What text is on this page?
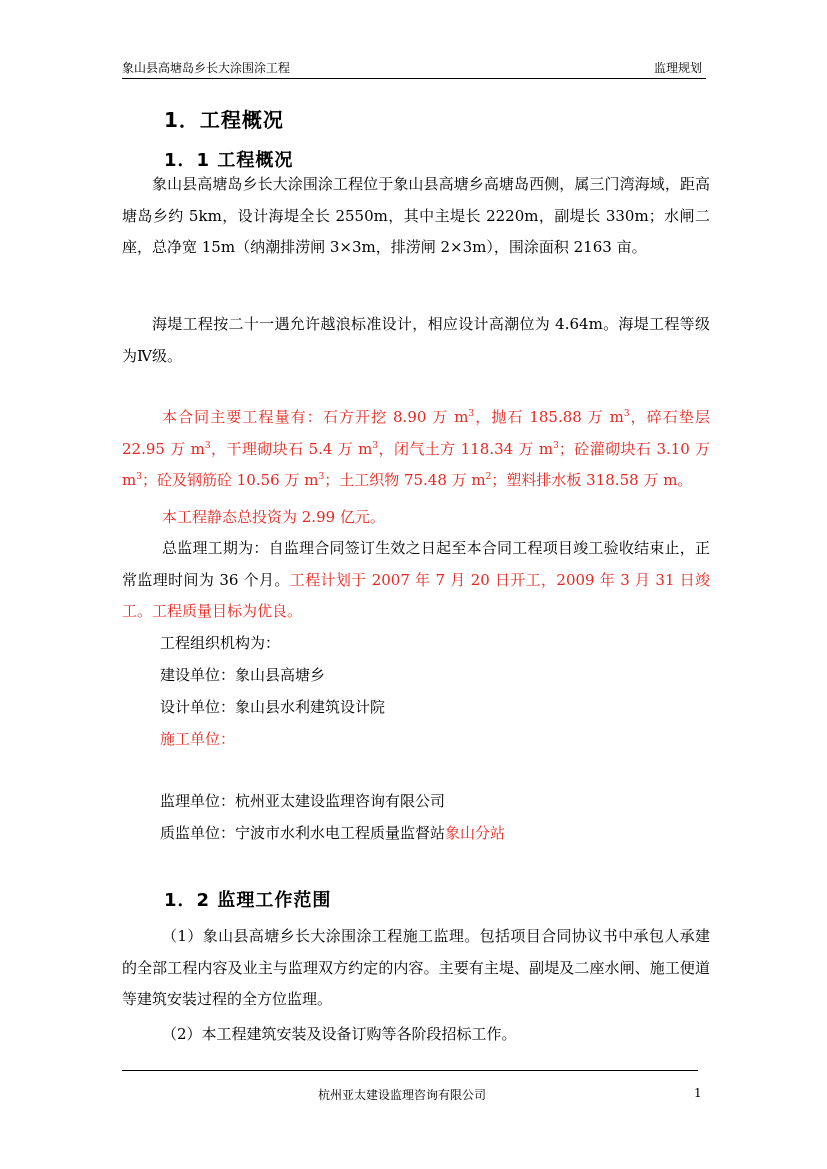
象山县高塘岛乡长大涂围涂工程	监理规划
1．工程概况
1．1 工程概况
象山县高塘岛乡长大涂围涂工程位于象山县高塘乡高塘岛西侧，属三门湾海域，距高塘岛乡约 5km，设计海堤全长 2550m，其中主堤长 2220m，副堤长 330m；水闸二座，总净宽 15m（纳潮排涝闸 3×3m，排涝闸 2×3m），围涂面积 2163 亩。
海堤工程按二十一遇允许越浪标准设计，相应设计高潮位为 4.64m。海堤工程等级为Ⅳ级。
本合同主要工程量有：石方开挖 8.90 万 $m^3$，抛石 185.88 万 $m^3$，碎石垫层 22.95 万 $m^3$，干理砌块石 5.4 万 $m^3$，闭气土方 118.34 万 $m^3$；砼灌砌块石 3.10 万 $m^3$；砼及钢筋砼 10.56 万 $m^3$；土工织物 75.48 万 $m^2$；塑料排水板 318.58 万 m。
本工程静态总投资为 2.99 亿元。
总监理工期为：自监理合同签订生效之日起至本合同工程项目竣工验收结束止，正常监理时间为 36 个月。工程计划于 2007 年 7 月 20 日开工，2009 年 3 月 31 日竣工。工程质量目标为优良。
工程组织机构为：
建设单位：象山县高塘乡
设计单位：象山县水利建筑设计院
施工单位：
监理单位：杭州亚太建设监理咨询有限公司
质监单位：宁波市水利水电工程质量监督站象山分站
1．2 监理工作范围
（1）象山县高塘乡长大涂围涂工程施工监理。包括项目合同协议书中承包人承建的全部工程内容及业主与监理双方约定的内容。主要有主堤、副堤及二座水闸、施工便道等建筑安装过程的全方位监理。
（2）本工程建筑安装及设备订购等各阶段招标工作。
杭州亚太建设监理咨询有限公司	1
